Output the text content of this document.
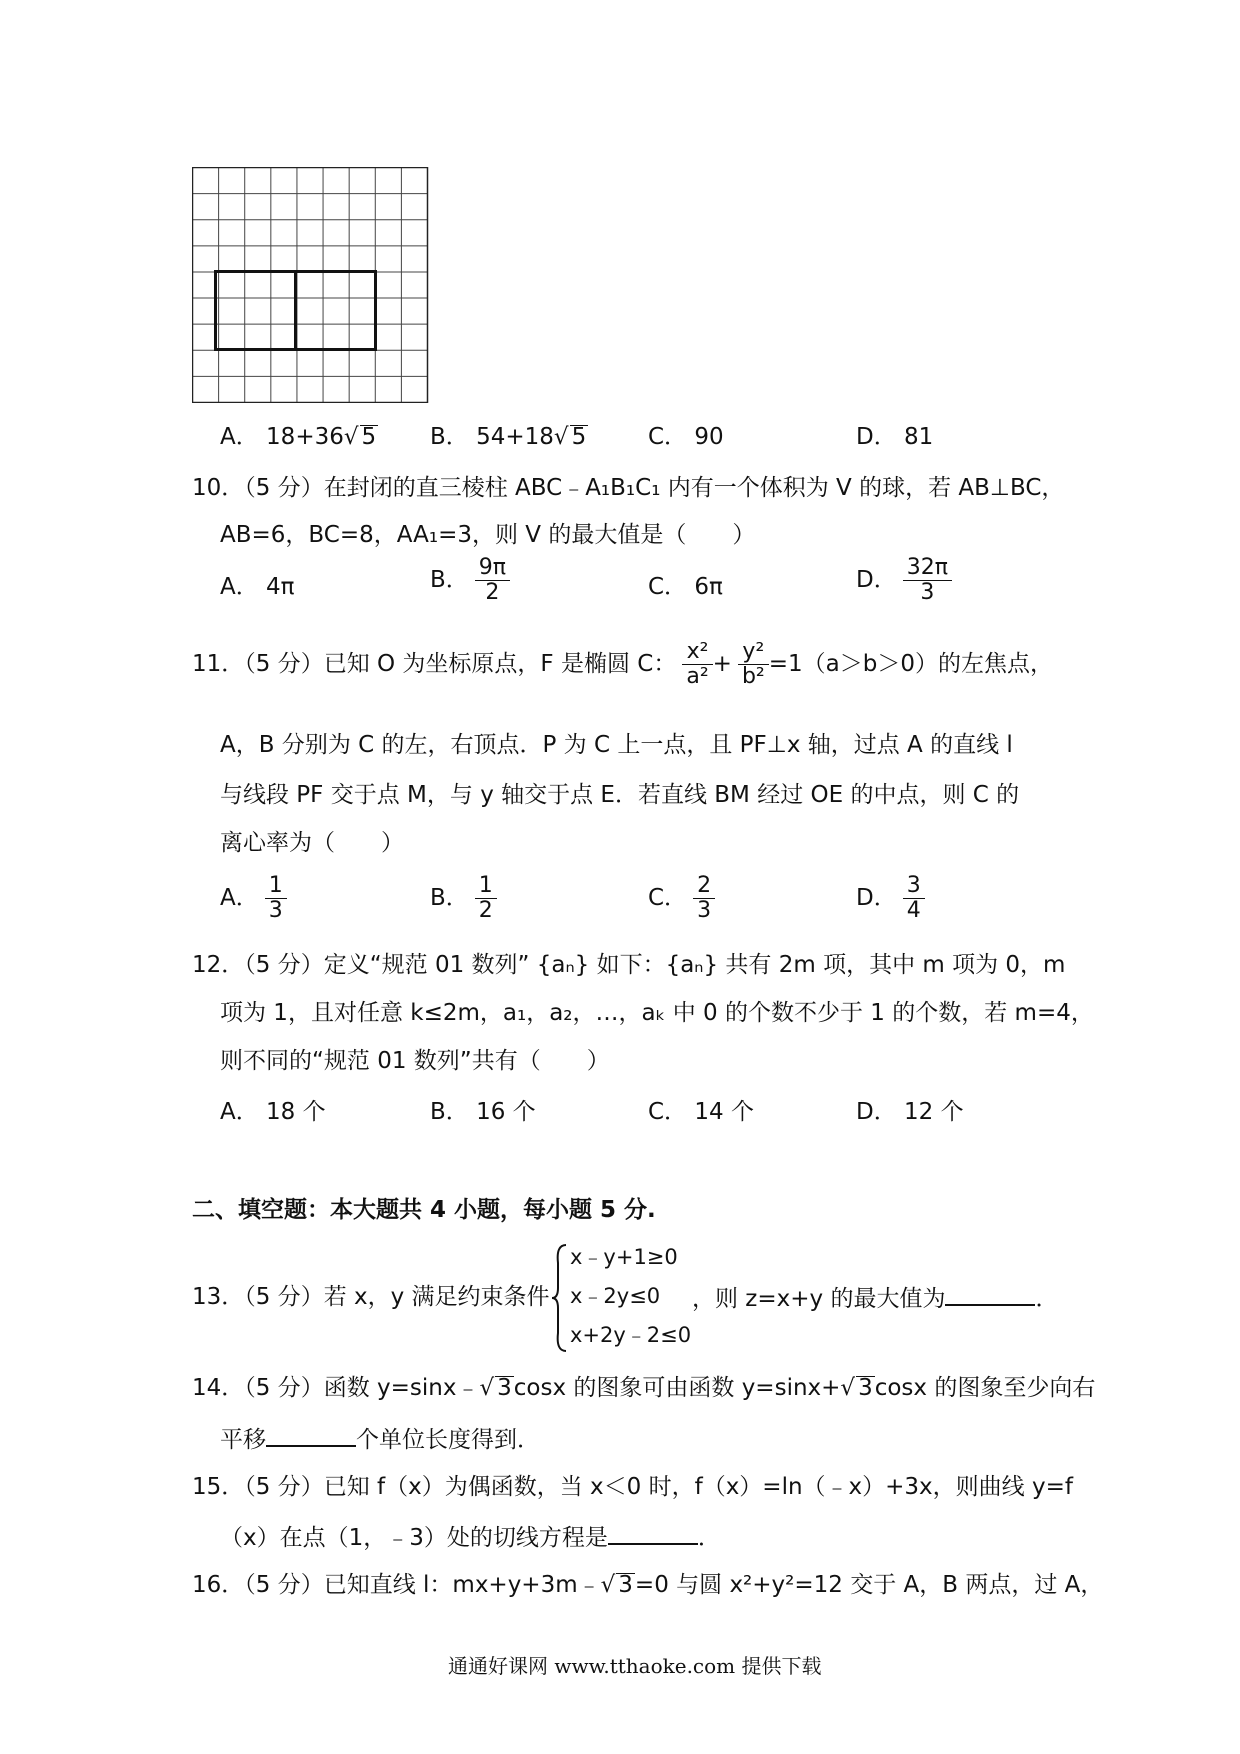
A． 18+36√ 5 B． 54+18√ 5	C． 90	D． 81
10．（5 分）在封闭的直三棱柱 ABC﹣A₁B₁C₁ 内有一个体积为 V 的球，若 AB⊥BC，
AB=6，BC=8，AA₁=3，则 V 的最大值是（　　）
A． 4π	B． $\frac{9\pi}{2}$	C． 6π	D． $\frac{32\pi}{3}$
11．（5 分）已知 O 为坐标原点，F 是椭圆 C： $\frac{\text{x²}}{\text{a²}} + \frac{\text{y²}}{\text{b²}} =1(a>b>0)$的左焦点，
A，B 分别为 C 的左，右顶点．P 为 C 上一点，且 PF⊥x 轴，过点 A 的直线 l
与线段 PF 交于点 M，与 y 轴交于点 E．若直线 BM 经过 OE 的中点，则 C 的
离心率为（　　）
A． $\frac{1}{3}$	B． $\frac{1}{2}$	C． $\frac{2}{3}$	D． $\frac{3}{4}$
12．（5 分）定义“规范 01 数列” {aₙ} 如下：{aₙ} 共有 2m 项，其中 m 项为 0，m
项为 1，且对任意 k≤2m，a₁，a₂，…，aₖ 中 0 的个数不少于 1 的个数，若 m=4，
则不同的“规范 01 数列”共有（　　）
A． 18 个	B． 16 个	C． 14 个	D． 12 个
二、填空题：本大题共 4 小题，每小题 5 分.
13．（5 分）若 x，y 满足约束条件
x﹣y+1≥0
x﹣2y≤0
x+2y﹣2≤0
，则 z=x+y 的最大值为	．
14．（5 分）函数 y=sinx﹣√ 3cosx 的图象可由函数 y=sinx+√ 3cosx 的图象至少向右
平移	个单位长度得到．
15．（5 分）已知 f（x）为偶函数，当 x＜0 时，f（x）=ln（﹣x）+3x，则曲线 y=f
（x）在点（1，﹣3）处的切线方程是	．
16．（5 分）已知直线 l：mx+y+3m﹣√ 3=0 与圆 x²+y²=12 交于 A，B 两点，过 A，
通通好课网 www.tthaoke.com 提供下载
